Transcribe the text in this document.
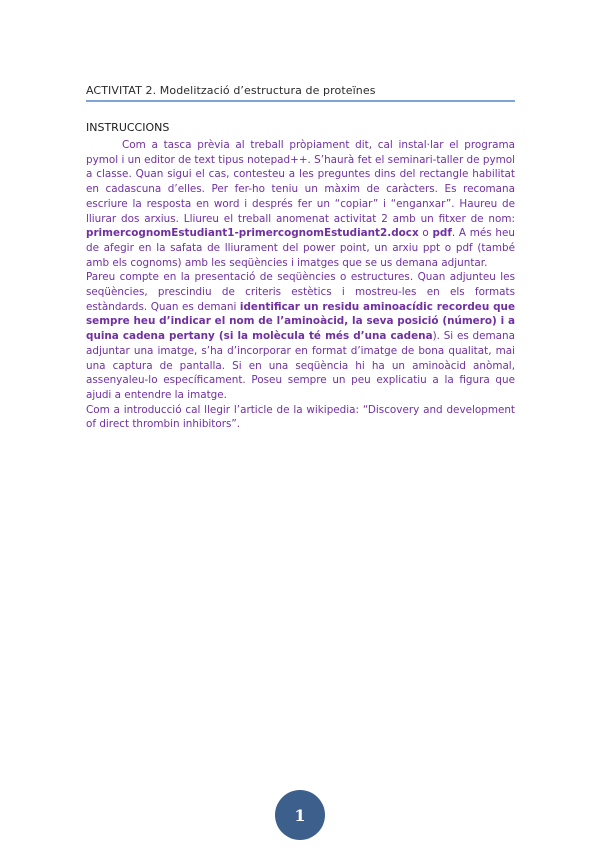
ACTIVITAT 2. Modelització d’estructura de proteïnes
INSTRUCCIONS

Com a tasca prèvia al treball pròpiament dit, cal instal·lar el programa pymol i un editor de text tipus notepad++. S’haurà fet el seminari-taller de pymol a classe. Quan sigui el cas, contesteu a les preguntes dins del rectangle habilitat en cadascuna d’elles. Per fer-ho teniu un màxim de caràcters. Es recomana escriure la resposta en word i després fer un “copiar” i “enganxar”. Haureu de lliurar dos arxius. Lliureu el treball anomenat activitat 2 amb un fitxer de nom: primercognomEstudiant1-primercognomEstudiant2.docx o pdf. A més heu de afegir en la safata de lliurament del power point, un arxiu ppt o pdf (també amb els cognoms) amb les seqüències i imatges que se us demana adjuntar.

Pareu compte en la presentació de seqüències o estructures. Quan adjunteu les seqüències, prescindiu de criteris estètics i mostreu-les en els formats estàndards. Quan es demani identificar un residu aminoacídic recordeu que sempre heu d’indicar el nom de l’aminoàcid, la seva posició (número) i a quina cadena pertany (si la molècula té més d’una cadena). Si es demana adjuntar una imatge, s’ha d’incorporar en format d’imatge de bona qualitat, mai una captura de pantalla. Si en una seqüència hi ha un aminoàcid anòmal, assenyaleu-lo específicament. Poseu sempre un peu explicatiu a la figura que ajudi a entendre la imatge.

Com a introducció cal llegir l’article de la wikipedia: “Discovery and development of direct thrombin inhibitors”.

1
